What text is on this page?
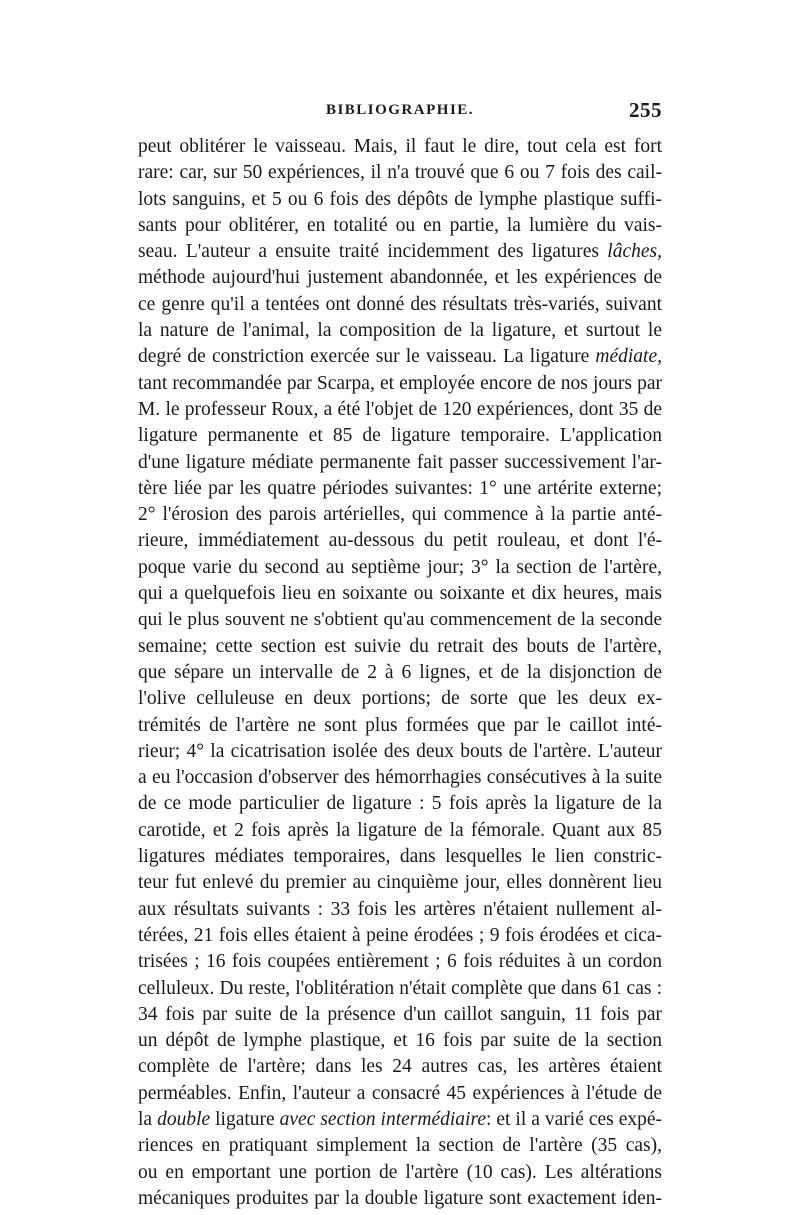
BIBLIOGRAPHIE.	255
peut oblitérer le vaisseau. Mais, il faut le dire, tout cela est fort
rare: car, sur 50 expériences, il n'a trouvé que 6 ou 7 fois des cail-
lots sanguins, et 5 ou 6 fois des dépôts de lymphe plastique suffi-
sants pour oblitérer, en totalité ou en partie, la lumière du vais-
seau. L'auteur a ensuite traité incidemment des ligatures lâches,
méthode aujourd'hui justement abandonnée, et les expériences de
ce genre qu'il a tentées ont donné des résultats très-variés, suivant
la nature de l'animal, la composition de la ligature, et surtout le
degré de constriction exercée sur le vaisseau. La ligature médiate,
tant recommandée par Scarpa, et employée encore de nos jours par
M. le professeur Roux, a été l'objet de 120 expériences, dont 35 de
ligature permanente et 85 de ligature temporaire. L'application
d'une ligature médiate permanente fait passer successivement l'ar-
tère liée par les quatre périodes suivantes: 1° une artérite externe;
2° l'érosion des parois artérielles, qui commence à la partie anté-
rieure, immédiatement au-dessous du petit rouleau, et dont l'é-
poque varie du second au septième jour; 3° la section de l'artère,
qui a quelquefois lieu en soixante ou soixante et dix heures, mais
qui le plus souvent ne s'obtient qu'au commencement de la seconde
semaine; cette section est suivie du retrait des bouts de l'artère,
que sépare un intervalle de 2 à 6 lignes, et de la disjonction de
l'olive celluleuse en deux portions; de sorte que les deux ex-
trémités de l'artère ne sont plus formées que par le caillot inté-
rieur; 4° la cicatrisation isolée des deux bouts de l'artère. L'auteur
a eu l'occasion d'observer des hémorrhagies consécutives à la suite
de ce mode particulier de ligature : 5 fois après la ligature de la
carotide, et 2 fois après la ligature de la fémorale. Quant aux 85
ligatures médiates temporaires, dans lesquelles le lien constric-
teur fut enlevé du premier au cinquième jour, elles donnèrent lieu
aux résultats suivants : 33 fois les artères n'étaient nullement al-
térées, 21 fois elles étaient à peine érodées ; 9 fois érodées et cica-
trisées ; 16 fois coupées entièrement ; 6 fois réduites à un cordon
celluleux. Du reste, l'oblitération n'était complète que dans 61 cas :
34 fois par suite de la présence d'un caillot sanguin, 11 fois par
un dépôt de lymphe plastique, et 16 fois par suite de la section
complète de l'artère; dans les 24 autres cas, les artères étaient
perméables. Enfin, l'auteur a consacré 45 expériences à l'étude de
la double ligature avec section intermédiaire: et il a varié ces expé-
riences en pratiquant simplement la section de l'artère (35 cas),
ou en emportant une portion de l'artère (10 cas). Les altérations
mécaniques produites par la double ligature sont exactement iden-
